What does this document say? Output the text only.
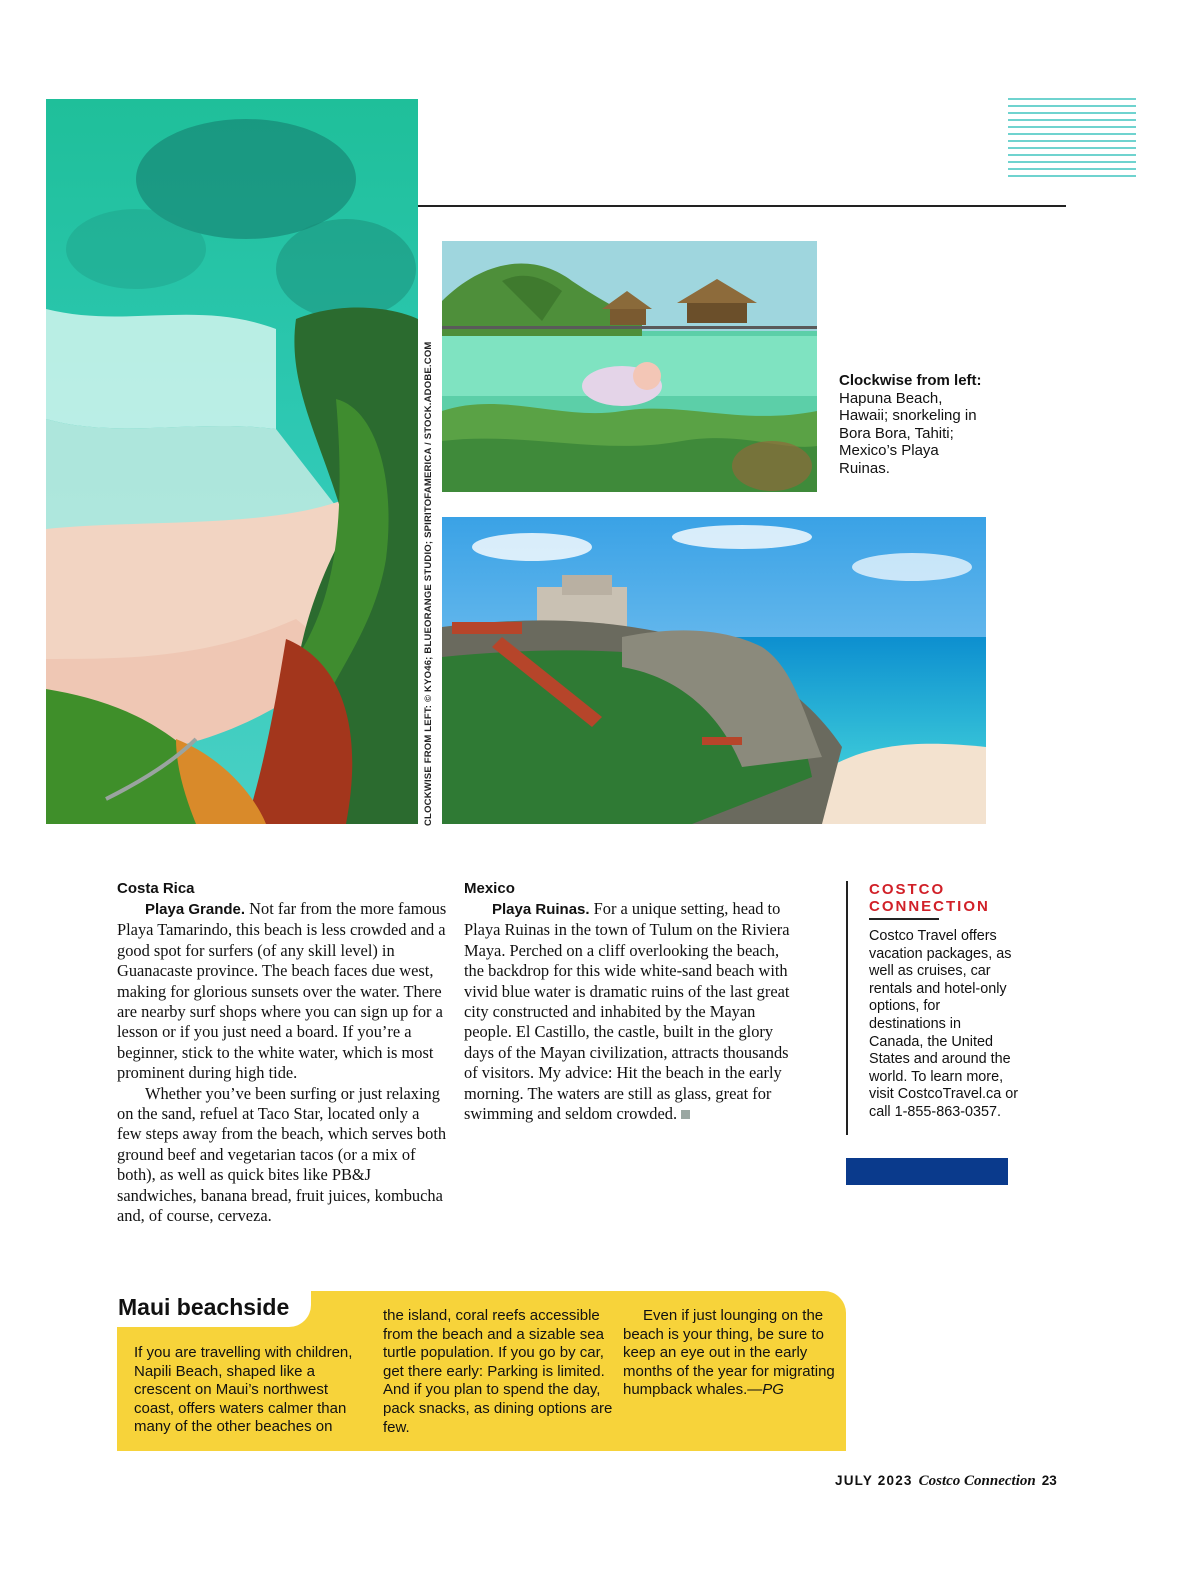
CLOCKWISE FROM LEFT: © KYO46; BLUEORANGE STUDIO; SPIRITOFAMERICA / STOCK.ADOBE.COM	Clockwise from left:
Hapuna Beach, Hawaii; snorkeling in Bora Bora, Tahiti; Mexico’s Playa Ruinas.
Costa Rica

Playa Grande. Not far from the more famous Playa Tamarindo, this beach is less crowded and a good spot for surfers (of any skill level) in Guanacaste province. The beach faces due west, making for glorious sunsets over the water. There are nearby surf shops where you can sign up for a lesson or if you just need a board. If you’re a beginner, stick to the white water, which is most prominent during high tide.

Whether you’ve been surfing or just relaxing on the sand, refuel at Taco Star, located only a few steps away from the beach, which serves both ground beef and vegetarian tacos (or a mix of both), as well as quick bites like PB&J sandwiches, banana bread, fruit juices, kombucha and, of course, cerveza.

Mexico

Playa Ruinas. For a unique setting, head to Playa Ruinas in the town of Tulum on the Riviera Maya. Perched on a cliff overlooking the beach, the backdrop for this wide white-sand beach with vivid blue water is dramatic ruins of the last great city constructed and inhabited by the Mayan people. El Castillo, the castle, built in the glory days of the Mayan civilization, attracts thousands of visitors. My advice: Hit the beach in the early morning. The waters are still as glass, great for swimming and seldom crowded.

COSTCO
CONNECTION
Costco Travel offers vacation packages, as well as cruises, car rentals and hotel-only options, for destinations in Canada, the United States and around the world. To learn more, visit CostcoTravel.ca or call 1-855-863-0357.
Maui beachside
If you are travelling with children, Napili Beach, shaped like a crescent on Maui’s northwest coast, offers waters calmer than many of the other beaches on
the island, coral reefs accessible from the beach and a sizable sea turtle population. If you go by car, get there early: Parking is limited. And if you plan to spend the day, pack snacks, as dining options are few.
Even if just lounging on the beach is your thing, be sure to keep an eye out in the early months of the year for migrating humpback whales.—PG
JULY 2023 Costco Connection 23
